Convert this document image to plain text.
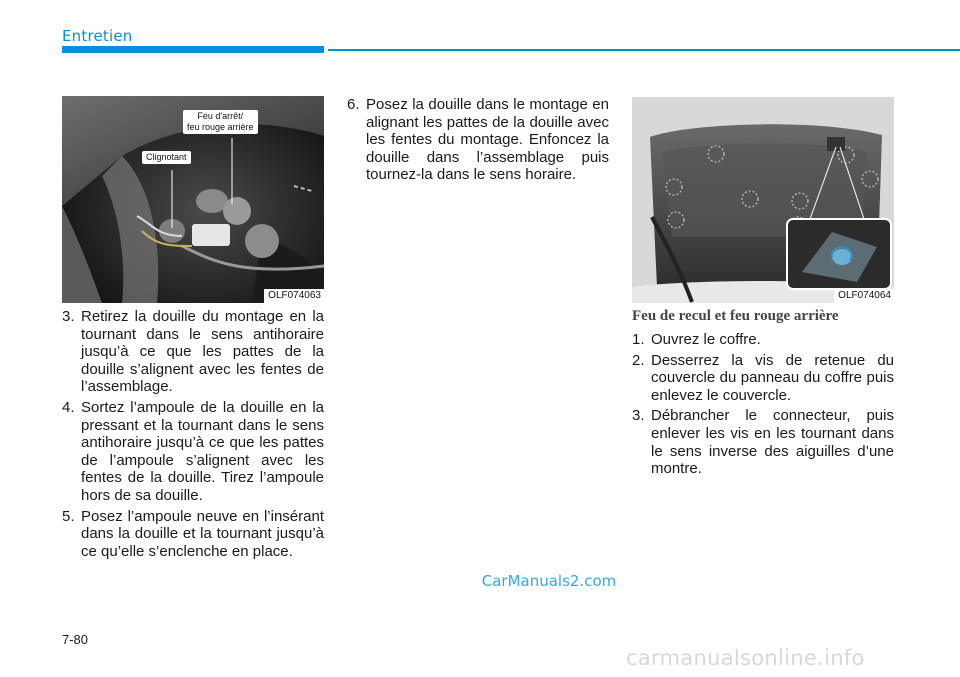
Entretien
Feu d'arrêt/
feu rouge arrière
Clignotant
OLF074063	OLF074064
3. Retirez la douille du montage en la tournant dans le sens antihoraire jusqu’à ce que les pattes de la douille s’alignent avec les fentes de l’assemblage.
4. Sortez l’ampoule de la douille en la pressant et la tournant dans le sens antihoraire jusqu’à ce que les pattes de l’ampoule s’alignent avec les fentes de la douille. Tirez l’ampoule hors de sa douille.
5. Posez l’ampoule neuve en l’insérant dans la douille et la tournant jusqu’à ce qu’elle s’enclenche en place.
6. Posez la douille dans le montage en alignant les pattes de la douille avec les fentes du montage. Enfoncez la douille dans l’assemblage puis tournez-la dans le sens horaire.
Feu de recul et feu rouge arrière
1. Ouvrez le coffre.
2. Desserrez la vis de retenue du couvercle du panneau du coffre puis enlevez le couvercle.
3. Débrancher le connecteur, puis enlever les vis en les tournant dans le sens inverse des aiguilles d’une montre.
CarManuals2.com
7-80
carmanualsonline.info
